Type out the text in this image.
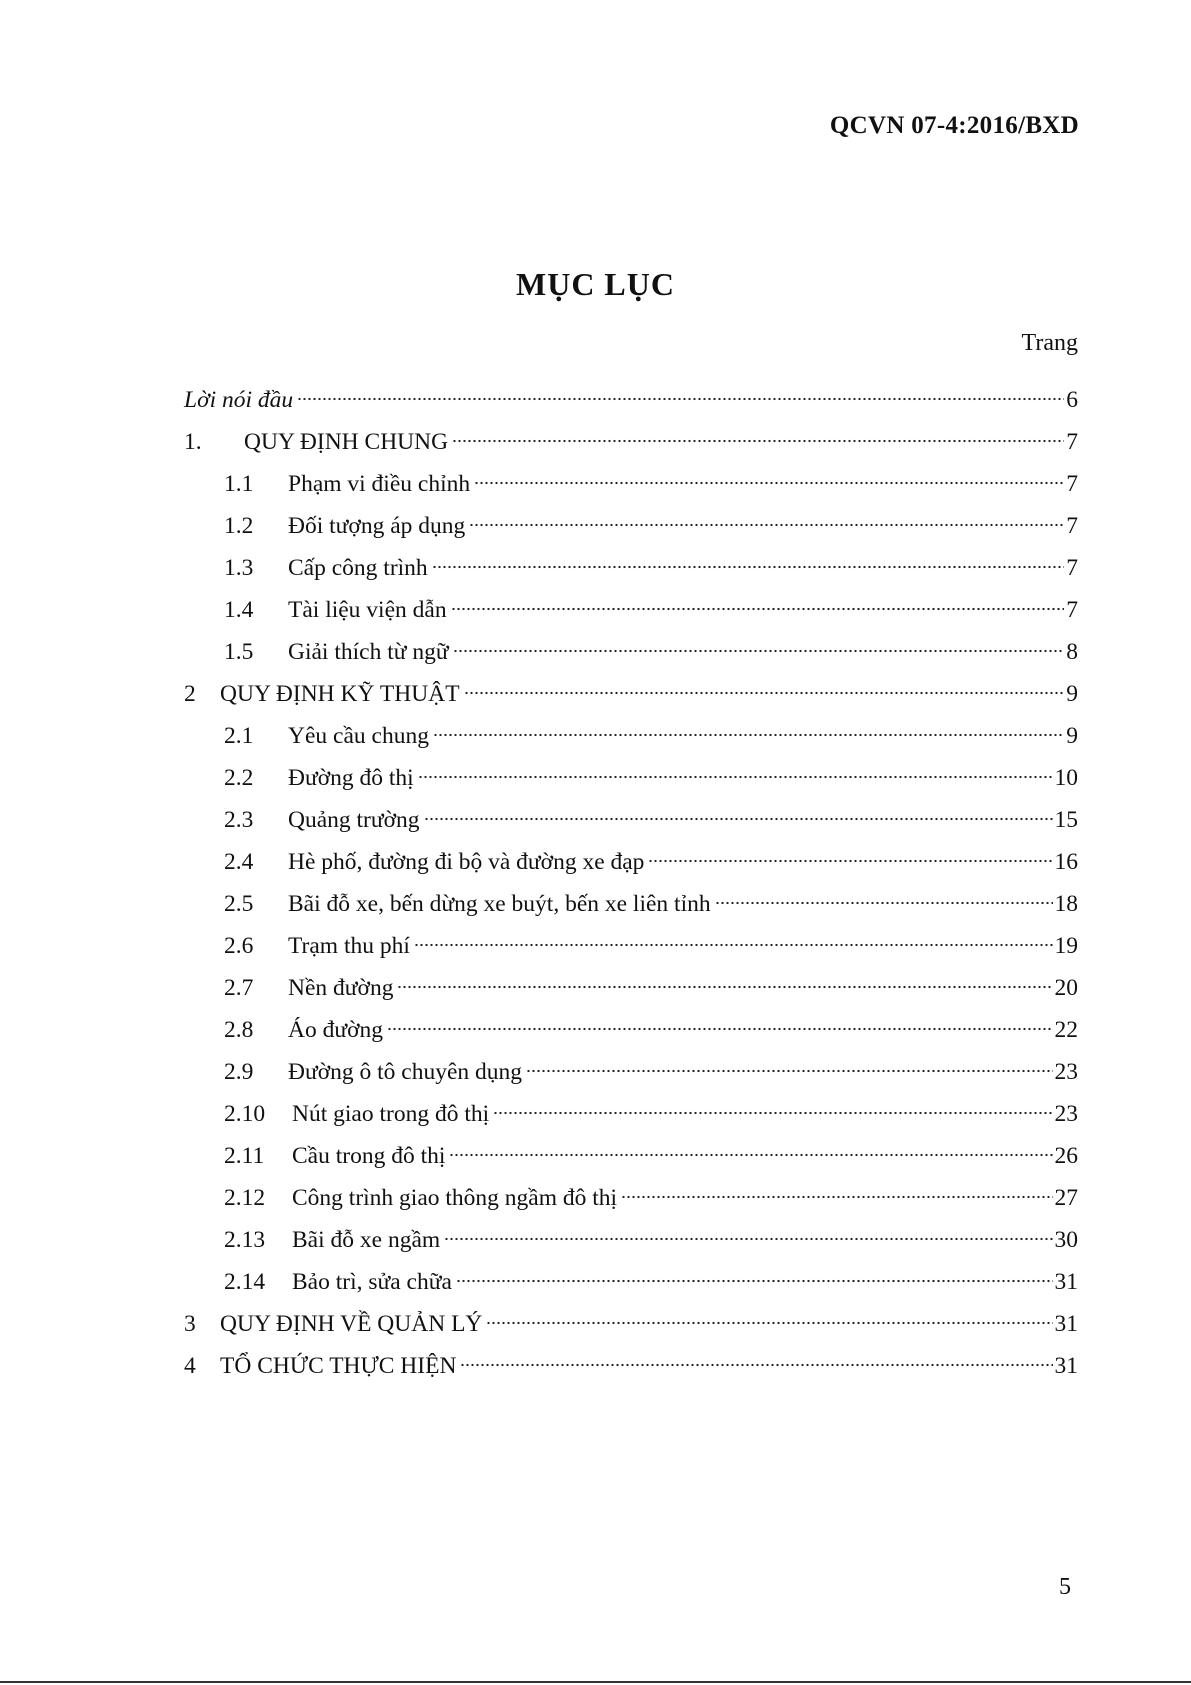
QCVN 07-4:2016/BXD
MỤC LỤC
Trang
Lời nói đầu	6
1.	QUY ĐỊNH CHUNG	7
1.1	Phạm vi điều chỉnh	7
1.2	Đối tượng áp dụng	7
1.3	Cấp công trình	7
1.4	Tài liệu viện dẫn	7
1.5	Giải thích từ ngữ	8
2	QUY ĐỊNH KỸ THUẬT	9
2.1	Yêu cầu chung	9
2.2	Đường đô thị	10
2.3	Quảng trường	15
2.4	Hè phố, đường đi bộ và đường xe đạp	16
2.5	Bãi đỗ xe, bến dừng xe buýt, bến xe liên tỉnh	18
2.6	Trạm thu phí	19
2.7	Nền đường	20
2.8	Áo đường	22
2.9	Đường ô tô chuyên dụng	23
2.10	Nút giao trong đô thị	23
2.11	Cầu trong đô thị	26
2.12	Công trình giao thông ngầm đô thị	27
2.13	Bãi đỗ xe ngầm	30
2.14	Bảo trì, sửa chữa	31
3	QUY ĐỊNH VỀ QUẢN LÝ	31
4	TỔ CHỨC THỰC HIỆN	31
5
